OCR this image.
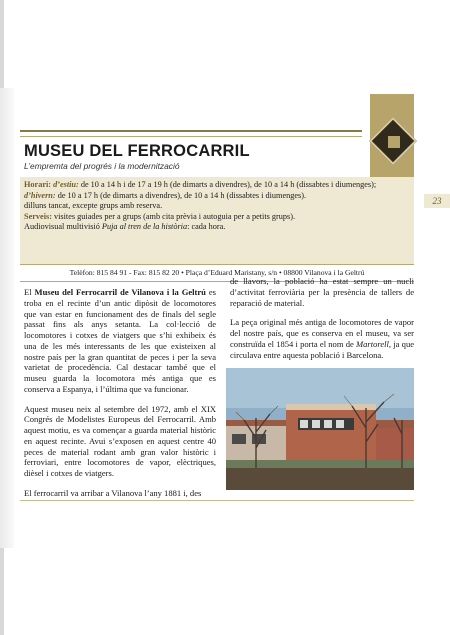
MUSEU DEL FERROCARRIL
L’empremta del progrés i la modernització
Horari: d’estiu: de 10 a 14 h i de 17 a 19 h (de dimarts a divendres), de 10 a 14 h (dissabtes i diumenges);
d’hivern: de 10 a 17 h (de dimarts a divendres), de 10 a 14 h (dissabtes i diumenges).
dilluns tancat, excepte grups amb reserva.
Serveis: visites guiades per a grups (amb cita prèvia i autoguia per a petits grups).
Audiovisual multivisió Puja al tren de la història: cada hora.
Telèfon: 815 84 91 - Fax: 815 82 20 • Plaça d’Eduard Maristany, s/n • 08800 Vilanova i la Geltrú
23

El Museu del Ferrocarril de Vilanova i la Geltrú es troba en el recinte d’un antic dipòsit de locomotores que van estar en funcionament des de finals del segle passat fins als anys setanta. La col·lecció de locomotores i cotxes de viatgers que s’hi exhibeix és una de les més interessants de les que existeixen al nostre país per la gran quantitat de peces i per la seva varietat de procedència. Cal destacar també que el museu guarda la locomotora més antiga que es conserva a Espanya, i l’última que va funcionar.

Aquest museu neix al setembre del 1972, amb el XIX Congrés de Modelistes Europeus del Ferrocarril. Amb aquest motiu, es va començar a guarda material històric en aquest recinte. Avui s’exposen en aquest centre 40 peces de material rodant amb gran valor històric i ferroviari, entre locomotores de vapor, elèctriques, dièsel i cotxes de viatgers.

El ferrocarril va arribar a Vilanova l’any 1881 i, des

de llavors, la població ha estat sempre un nucli d’activitat ferroviària per la presència de tallers de reparació de material.

La peça original més antiga de locomotores de vapor del nostre país, que es conserva en el museu, va ser construïda el 1854 i porta el nom de Martorell, ja que circulava entre aquesta població i Barcelona.
